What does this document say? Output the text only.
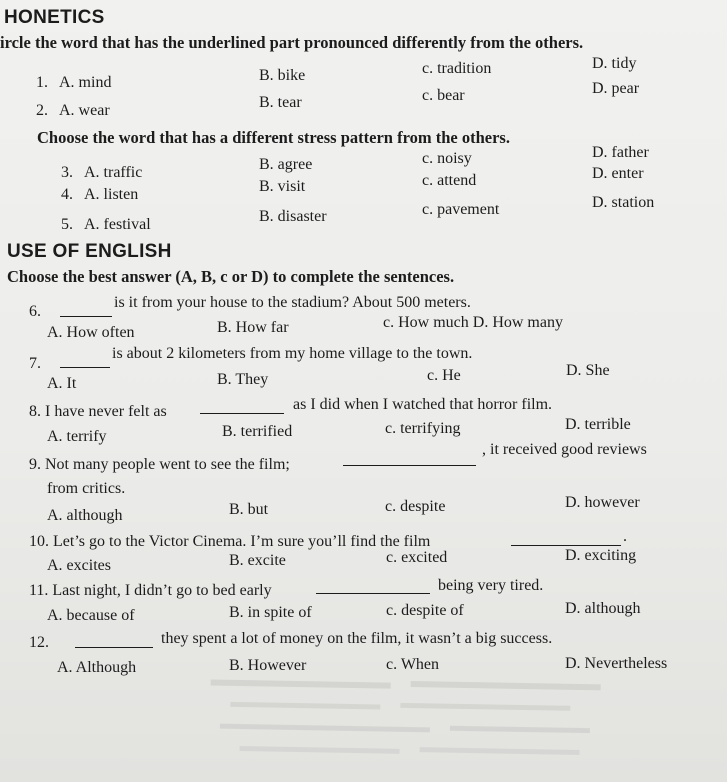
HONETICS
ircle the word that has the underlined part pronounced differently from the others.
1. A. mind	B. bike	c. tradition	D. tidy
2. A. wear	B. tear	c. bear	D. pear
Choose the word that has a different stress pattern from the others.
3. A. traffic	B. agree	c. noisy	D. father
4. A. listen	B. visit	c. attend	D. enter
5. A. festival	B. disaster	c. pavement	D. station
USE OF ENGLISH
Choose the best answer (A, B, c or D) to complete the sentences.
6.
is it from your house to the stadium? About 500 meters.
A. How often	B. How far	c. How much D. How many
7.
is about 2 kilometers from my home village to the town.
A. It	B. They	c. He	D. She
8. I have never felt as	as I did when I watched that horror film.
A. terrify	B. terrified	c. terrifying	D. terrible
9. Not many people went to see the film;
, it received good reviews
from critics.
A. although	B. but	c. despite	D. however
10. Let’s go to the Victor Cinema. I’m sure you’ll find the film	.
A. excites	B. excite	c. excited	D. exciting
11. Last night, I didn’t go to bed early	being very tired.
A. because of	B. in spite of	c. despite of	D. although
12.	they spent a lot of money on the film, it wasn’t a big success.
A. Although	B. However	c. When	D. Nevertheless
